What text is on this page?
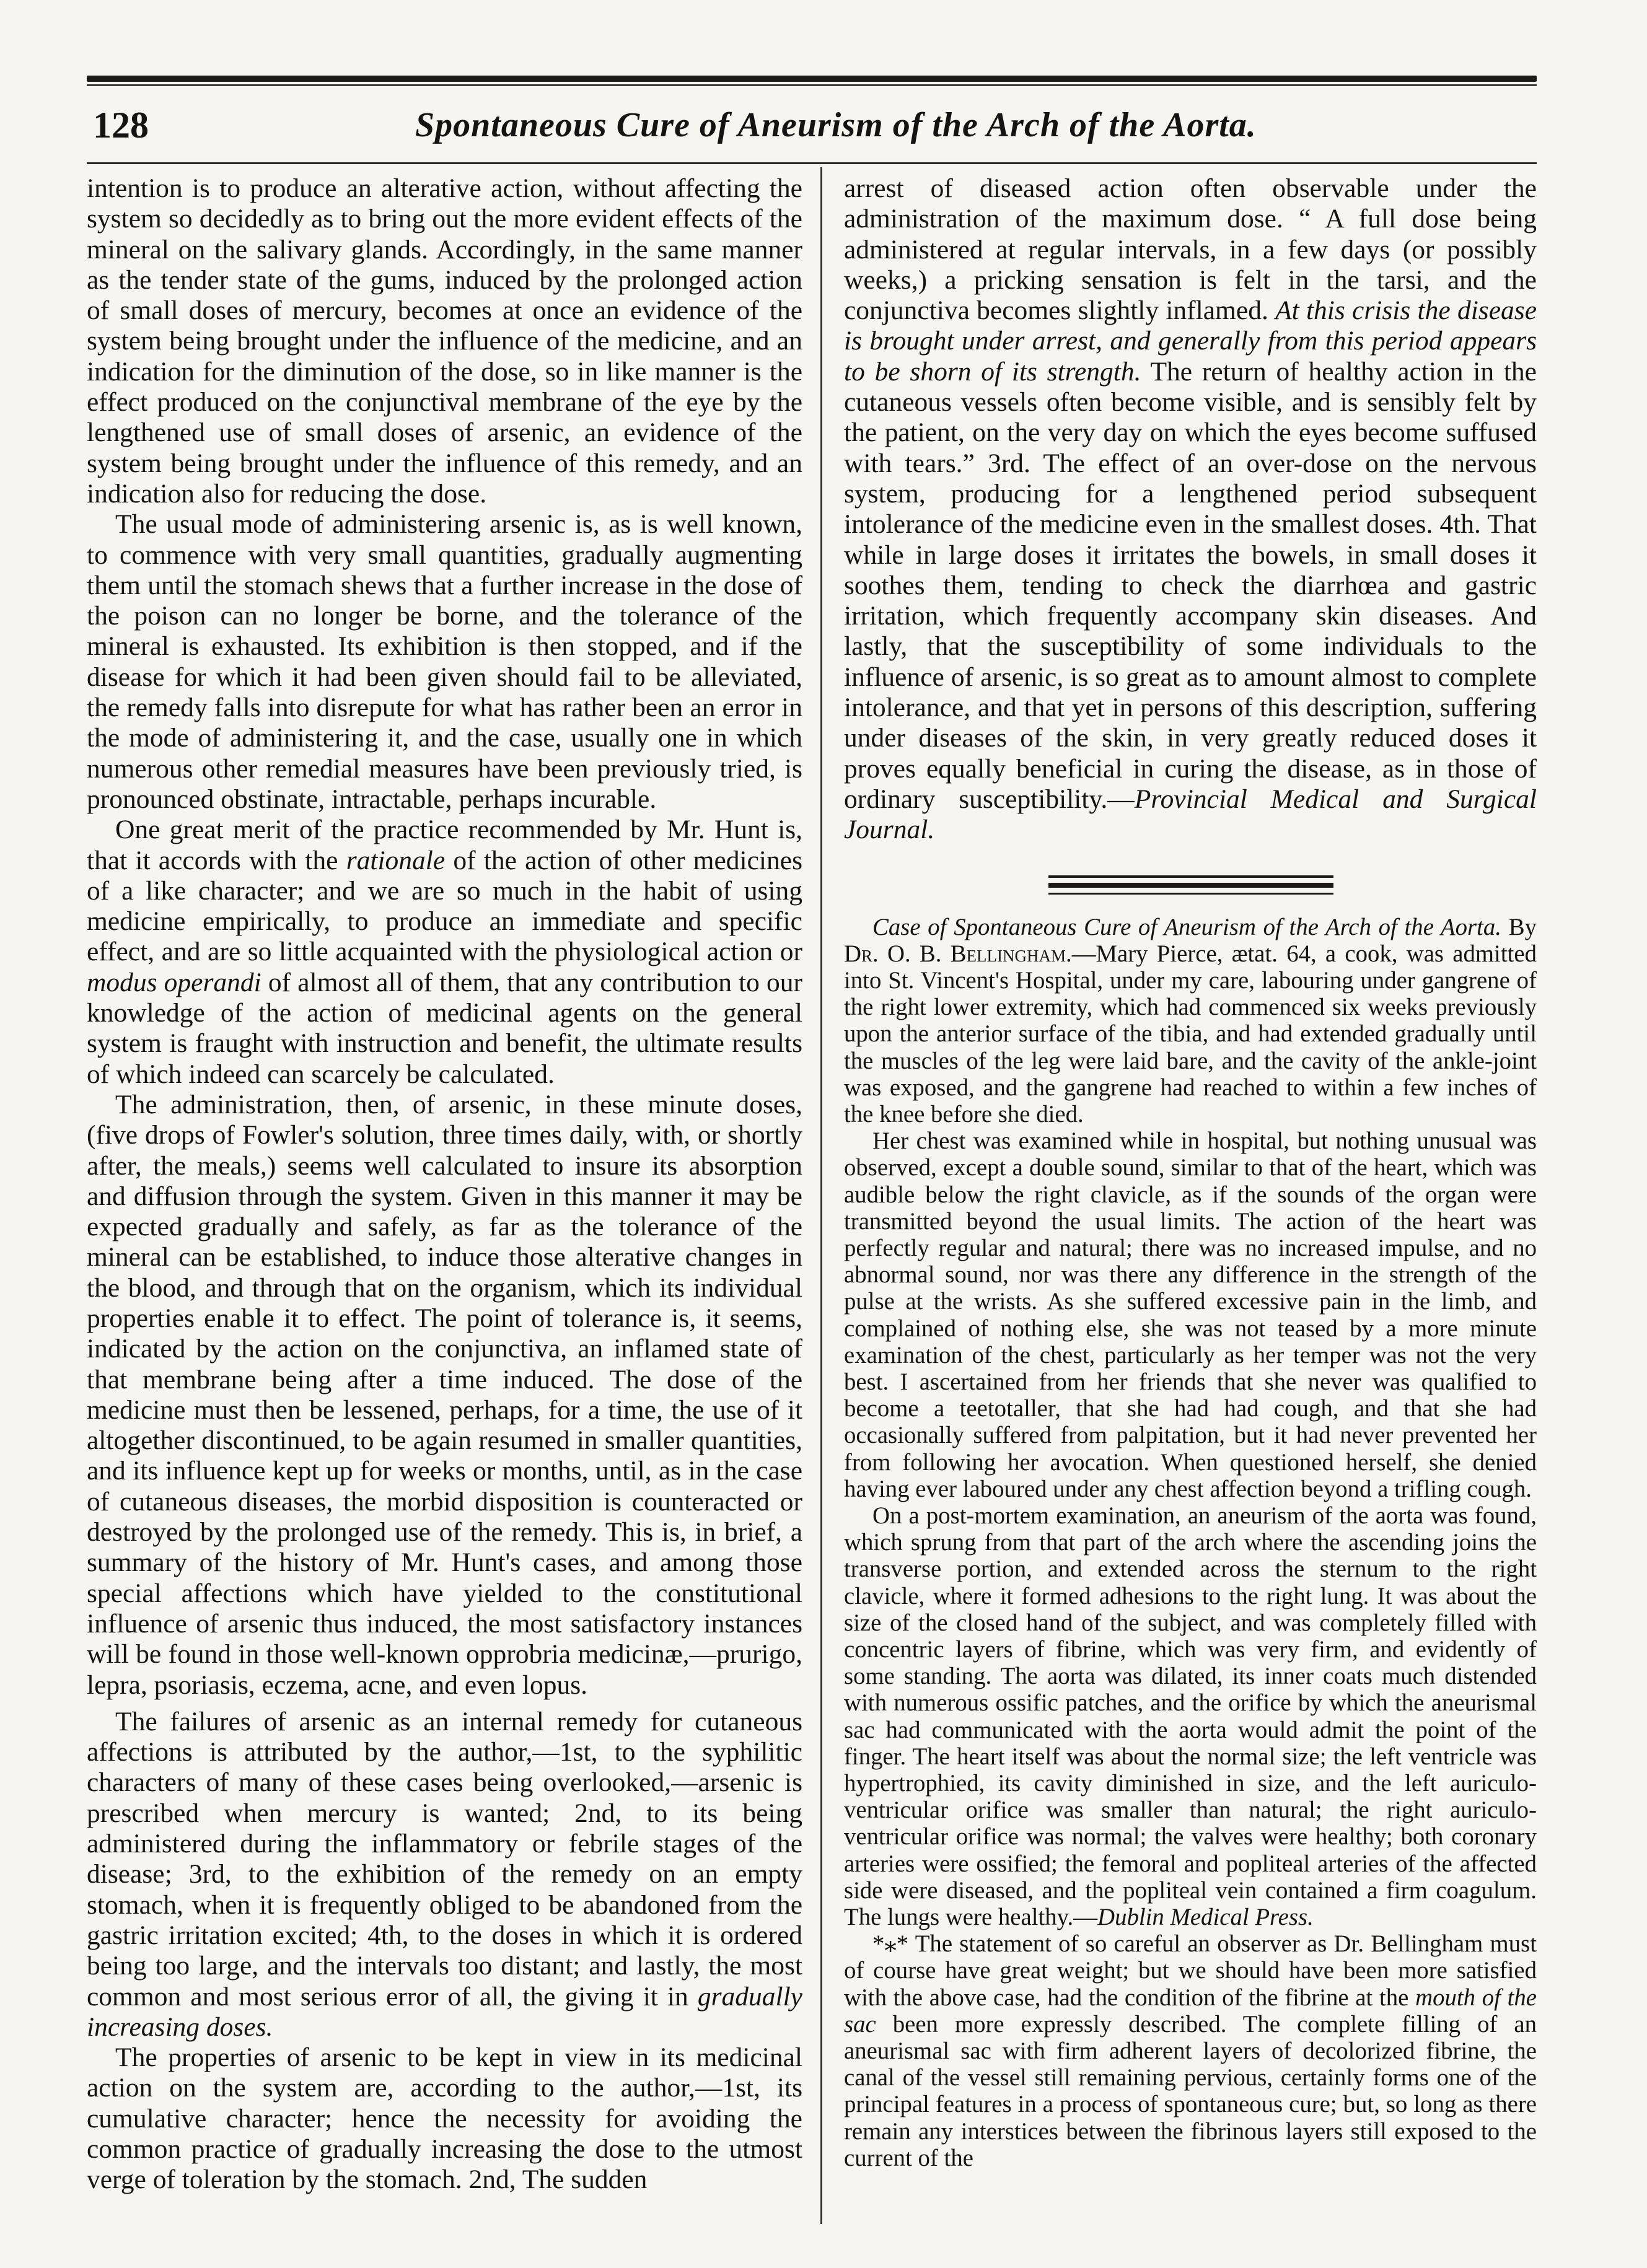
128	Spontaneous Cure of Aneurism of the Arch of the Aorta.

intention is to produce an alterative action, without affecting the system so decidedly as to bring out the more evident effects of the mineral on the salivary glands. Accordingly, in the same manner as the tender state of the gums, induced by the prolonged action of small doses of mercury, becomes at once an evidence of the system being brought under the influence of the medicine, and an indication for the diminution of the dose, so in like manner is the effect produced on the conjunctival membrane of the eye by the lengthened use of small doses of arsenic, an evidence of the system being brought under the influence of this remedy, and an indication also for reducing the dose.

The usual mode of administering arsenic is, as is well known, to commence with very small quantities, gradually augmenting them until the stomach shews that a further increase in the dose of the poison can no longer be borne, and the tolerance of the mineral is exhausted. Its exhibition is then stopped, and if the disease for which it had been given should fail to be alleviated, the remedy falls into disrepute for what has rather been an error in the mode of administering it, and the case, usually one in which numerous other remedial measures have been previously tried, is pronounced obstinate, intractable, perhaps incurable.

One great merit of the practice recommended by Mr. Hunt is, that it accords with the rationale of the action of other medicines of a like character; and we are so much in the habit of using medicine empirically, to produce an immediate and specific effect, and are so little acquainted with the physiological action or modus operandi of almost all of them, that any contribution to our knowledge of the action of medicinal agents on the general system is fraught with instruction and benefit, the ultimate results of which indeed can scarcely be calculated.

The administration, then, of arsenic, in these minute doses, (five drops of Fowler's solution, three times daily, with, or shortly after, the meals,) seems well calculated to insure its absorption and diffusion through the system. Given in this manner it may be expected gradually and safely, as far as the tolerance of the mineral can be established, to induce those alterative changes in the blood, and through that on the organism, which its individual properties enable it to effect. The point of tolerance is, it seems, indicated by the action on the conjunctiva, an inflamed state of that membrane being after a time induced. The dose of the medicine must then be lessened, perhaps, for a time, the use of it altogether discontinued, to be again resumed in smaller quantities, and its influence kept up for weeks or months, until, as in the case of cutaneous diseases, the morbid disposition is counteracted or destroyed by the prolonged use of the remedy. This is, in brief, a summary of the history of Mr. Hunt's cases, and among those special affections which have yielded to the constitutional influence of arsenic thus induced, the most satisfactory instances will be found in those well-known opprobria medicinæ,—prurigo, lepra, psoriasis, eczema, acne, and even lopus.

The failures of arsenic as an internal remedy for cutaneous affections is attributed by the author,—1st, to the syphilitic characters of many of these cases being overlooked,—arsenic is prescribed when mercury is wanted; 2nd, to its being administered during the inflammatory or febrile stages of the disease; 3rd, to the exhibition of the remedy on an empty stomach, when it is frequently obliged to be abandoned from the gastric irritation excited; 4th, to the doses in which it is ordered being too large, and the intervals too distant; and lastly, the most common and most serious error of all, the giving it in gradually increasing doses.

The properties of arsenic to be kept in view in its medicinal action on the system are, according to the author,—1st, its cumulative character; hence the necessity for avoiding the common practice of gradually increasing the dose to the utmost verge of toleration by the stomach. 2nd, The sudden

arrest of diseased action often observable under the administration of the maximum dose. “ A full dose being administered at regular intervals, in a few days (or possibly weeks,) a pricking sensation is felt in the tarsi, and the conjunctiva becomes slightly inflamed. At this crisis the disease is brought under arrest, and generally from this period appears to be shorn of its strength. The return of healthy action in the cutaneous vessels often become visible, and is sensibly felt by the patient, on the very day on which the eyes become suffused with tears.” 3rd. The effect of an over-dose on the nervous system, producing for a lengthened period subsequent intolerance of the medicine even in the smallest doses. 4th. That while in large doses it irritates the bowels, in small doses it soothes them, tending to check the diarrhœa and gastric irritation, which frequently accompany skin diseases. And lastly, that the susceptibility of some individuals to the influence of arsenic, is so great as to amount almost to complete intolerance, and that yet in persons of this description, suffering under diseases of the skin, in very greatly reduced doses it proves equally beneficial in curing the disease, as in those of ordinary susceptibility.—Provincial Medical and Surgical Journal.

Case of Spontaneous Cure of Aneurism of the Arch of the Aorta. By Dr. O. B. Bellingham.—Mary Pierce, ætat. 64, a cook, was admitted into St. Vincent's Hospital, under my care, labouring under gangrene of the right lower extremity, which had commenced six weeks previously upon the anterior surface of the tibia, and had extended gradually until the muscles of the leg were laid bare, and the cavity of the ankle-joint was exposed, and the gangrene had reached to within a few inches of the knee before she died.

Her chest was examined while in hospital, but nothing unusual was observed, except a double sound, similar to that of the heart, which was audible below the right clavicle, as if the sounds of the organ were transmitted beyond the usual limits. The action of the heart was perfectly regular and natural; there was no increased impulse, and no abnormal sound, nor was there any difference in the strength of the pulse at the wrists. As she suffered excessive pain in the limb, and complained of nothing else, she was not teased by a more minute examination of the chest, particularly as her temper was not the very best. I ascertained from her friends that she never was qualified to become a teetotaller, that she had had cough, and that she had occasionally suffered from palpitation, but it had never prevented her from following her avocation. When questioned herself, she denied having ever laboured under any chest affection beyond a trifling cough.

On a post-mortem examination, an aneurism of the aorta was found, which sprung from that part of the arch where the ascending joins the transverse portion, and extended across the sternum to the right clavicle, where it formed adhesions to the right lung. It was about the size of the closed hand of the subject, and was completely filled with concentric layers of fibrine, which was very firm, and evidently of some standing. The aorta was dilated, its inner coats much distended with numerous ossific patches, and the orifice by which the aneurismal sac had communicated with the aorta would admit the point of the finger. The heart itself was about the normal size; the left ventricle was hypertrophied, its cavity diminished in size, and the left auriculo-ventricular orifice was smaller than natural; the right auriculo-ventricular orifice was normal; the valves were healthy; both coronary arteries were ossified; the femoral and popliteal arteries of the affected side were diseased, and the popliteal vein contained a firm coagulum. The lungs were healthy.—Dublin Medical Press.

*⁎* The statement of so careful an observer as Dr. Bellingham must of course have great weight; but we should have been more satisfied with the above case, had the condition of the fibrine at the mouth of the sac been more expressly described. The complete filling of an aneurismal sac with firm adherent layers of decolorized fibrine, the canal of the vessel still remaining pervious, certainly forms one of the principal features in a process of spontaneous cure; but, so long as there remain any interstices between the fibrinous layers still exposed to the current of the
